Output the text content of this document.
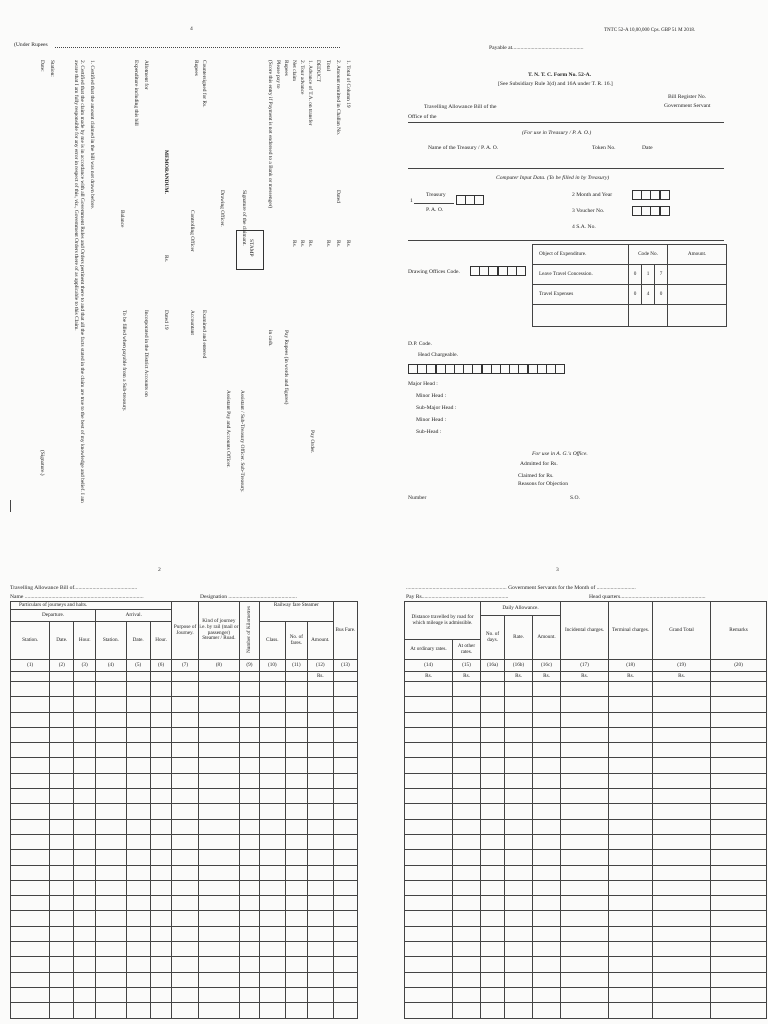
4
(Under Rupees
1. Total of Column 19
2. Amount remitted in Challan No.
Dated
Rs.
Rs.
Total
Rs.
DEDUCT
1. Advance of T.A. on transfer
Rs.
2. Tour advance
Rs.
Net claim
Rs.
Rupees
Please pay to
(Score this entry if Payment is not endorsed to a Bank or messenger)
Pay Rupees (in words and figures)
in cash.
Pay Order.
STAMP
Signature of the claimant.
Drawing Officer.
Assistant / Sub-Treasury Officer. Sub-Treasury.
Assistant Pay and Accounts Officer.
Countersigned for Rs.
Rupees
Controlling Officer
Examined and entered
Accountant
MEMORANDUM.
Rs.
Dated 19
Allotment for
Expenditure including this bill
Balance
Incorporated in the District Accounts on
To be filled when payable from a Sub-treasury.
1. Certified that the amount claimed in the bill was not drawn before.
2. Certified that the claim made by me is in accordance with all Government Rules and Orders pertinent there to and that all the facts stated in the claim are true to the best of my knowledge and belief. I am aware that I am fully responsible for any error in respect of this, viz., Government Orders there of as applicable to this Claim.
Station:
Date:
(Signature.)
TNTC 52-A 10,00,000 Cps. GBP 51 M 2018.
Payable at...................................................
T. N. T. C. Form No. 52-A.
[See Subsidiary Rule 3(d) and 16A under T. R. 16.]
Bill Register No.
Travelling Allowance Bill of the	Government Servant
Office of the
(For use in Treasury / P. A. O.)
Name of the Treasury / P. A. O.	Token No.	Date
Computer Input Data. (To be filled in by Treasury)
Treasury
1
P. A. O.
2 Month and Year
3 Voucher No.
4 S.A. No.
Object of Expenditure.	Code No.			Amount.
Leave Travel Concession.	0	1	7	
Travel Expenses	0	4	0	

Drawing Offices Code.
D.P. Code.
Head Chargeable.
Major Head :
Minor Head :
Sub-Major Head :
Minor Head :
Sub-Head :
For use in A. G.'s Office.
Admitted for Rs.
Claimed for Rs.
Reasons for Objection
Number	S.O.
2
Travelling Allowance Bill of.............................................
Name .....................................................................................	Designation .................................................
Particulars of journeys and halts.						Purpose of Journey.	Kind of journey i.e. by rail (mail or passenger) Steamer / Road.	Number of Kilometres	Railway fare Steamer			Bus Fare.
Departure.			Arrival.									
Station.	Date.	Hour.	Station.	Date.	Hour.				Class.	No. of fares.	Amount.	
(1)	(2)	(3)	(4)	(5)	(6)	(7)	(8)	(9)	(10)	(11)	(12)	(13)
											Rs.	

3
........................................................................ Government Servants for the Month of ............................
Pay Rs..............................................................	Head quarters.............................................................
Distance travelled by road for which mileage is admissible.		Daily Allowance.			Incidental charges.	Terminal charges.	Grand Total	Remarks
		No. of days.	Rate.	Amount.				
At ordinary rates.	At other rates.							
(14)	(15)	(16a)	(16b)	(16c)	(17)	(18)	(19)	(20)
Rs.	Rs.		Rs.	Rs.	Rs.	Rs.	Rs.	
